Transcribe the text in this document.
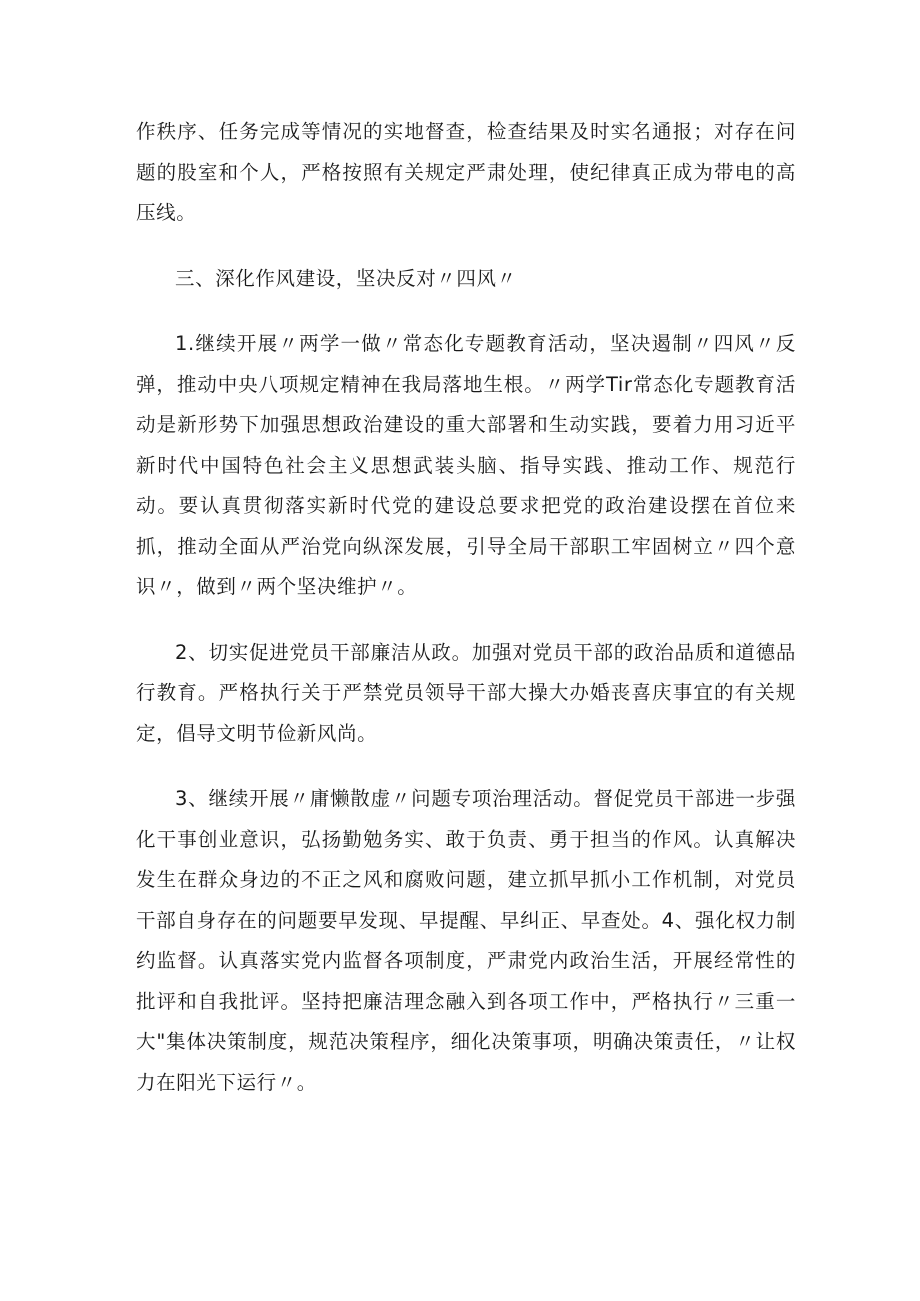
作秩序、任务完成等情况的实地督查，检查结果及时实名通报；对存在问题的股室和个人，严格按照有关规定严肃处理，使纪律真正成为带电的高压线。

三、深化作风建设，坚决反对〃四风〃

1.继续开展〃两学一做〃常态化专题教育活动，坚决遏制〃四风〃反弹，推动中央八项规定精神在我局落地生根。〃两学Tir常态化专题教育活动是新形势下加强思想政治建设的重大部署和生动实践，要着力用习近平新时代中国特色社会主义思想武装头脑、指导实践、推动工作、规范行动。要认真贯彻落实新时代党的建设总要求把党的政治建设摆在首位来抓，推动全面从严治党向纵深发展，引导全局干部职工牢固树立〃四个意识〃，做到〃两个坚决维护〃。

2、切实促进党员干部廉洁从政。加强对党员干部的政治品质和道德品行教育。严格执行关于严禁党员领导干部大操大办婚丧喜庆事宜的有关规定，倡导文明节俭新风尚。

3、继续开展〃庸懒散虚〃问题专项治理活动。督促党员干部进一步强化干事创业意识，弘扬勤勉务实、敢于负责、勇于担当的作风。认真解决发生在群众身边的不正之风和腐败问题，建立抓早抓小工作机制，对党员干部自身存在的问题要早发现、早提醒、早纠正、早查处。4、强化权力制约监督。认真落实党内监督各项制度，严肃党内政治生活，开展经常性的批评和自我批评。坚持把廉洁理念融入到各项工作中，严格执行〃三重一大"集体决策制度，规范决策程序，细化决策事项，明确决策责任，〃让权力在阳光下运行〃。
